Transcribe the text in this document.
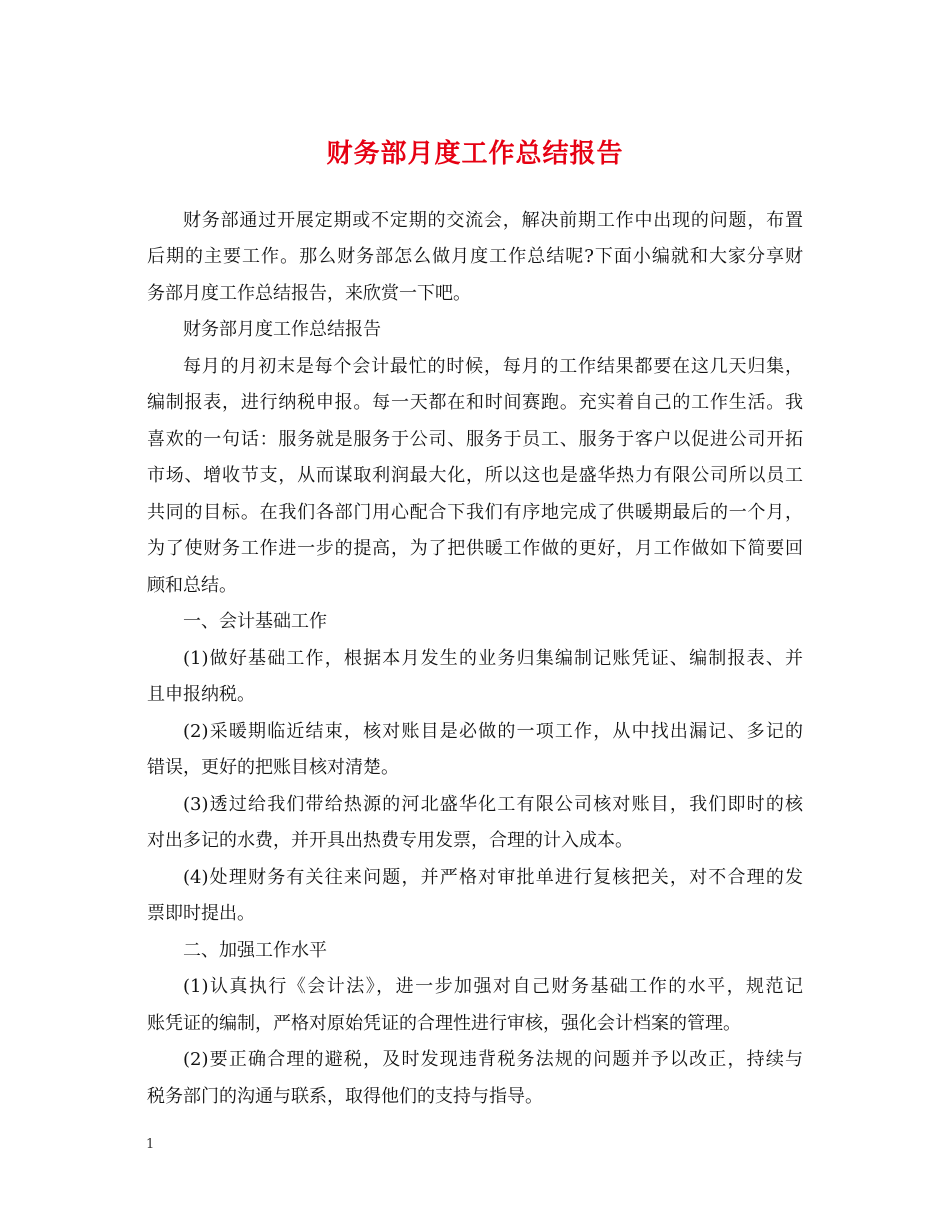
财务部月度工作总结报告
财务部通过开展定期或不定期的交流会，解决前期工作中出现的问题，布置
后期的主要工作。那么财务部怎么做月度工作总结呢?下面小编就和大家分享财
务部月度工作总结报告，来欣赏一下吧。
财务部月度工作总结报告
每月的月初末是每个会计最忙的时候，每月的工作结果都要在这几天归集，
编制报表，进行纳税申报。每一天都在和时间赛跑。充实着自己的工作生活。我
喜欢的一句话：服务就是服务于公司、服务于员工、服务于客户以促进公司开拓
市场、增收节支，从而谋取利润最大化，所以这也是盛华热力有限公司所以员工
共同的目标。在我们各部门用心配合下我们有序地完成了供暖期最后的一个月，
为了使财务工作进一步的提高，为了把供暖工作做的更好，月工作做如下简要回
顾和总结。
一、会计基础工作
(1)做好基础工作，根据本月发生的业务归集编制记账凭证、编制报表、并
且申报纳税。
(2)采暖期临近结束，核对账目是必做的一项工作，从中找出漏记、多记的
错误，更好的把账目核对清楚。
(3)透过给我们带给热源的河北盛华化工有限公司核对账目，我们即时的核
对出多记的水费，并开具出热费专用发票，合理的计入成本。
(4)处理财务有关往来问题，并严格对审批单进行复核把关，对不合理的发
票即时提出。
二、加强工作水平
(1)认真执行《会计法》，进一步加强对自己财务基础工作的水平，规范记
账凭证的编制，严格对原始凭证的合理性进行审核，强化会计档案的管理。
(2)要正确合理的避税，及时发现违背税务法规的问题并予以改正，持续与
税务部门的沟通与联系，取得他们的支持与指导。
1
